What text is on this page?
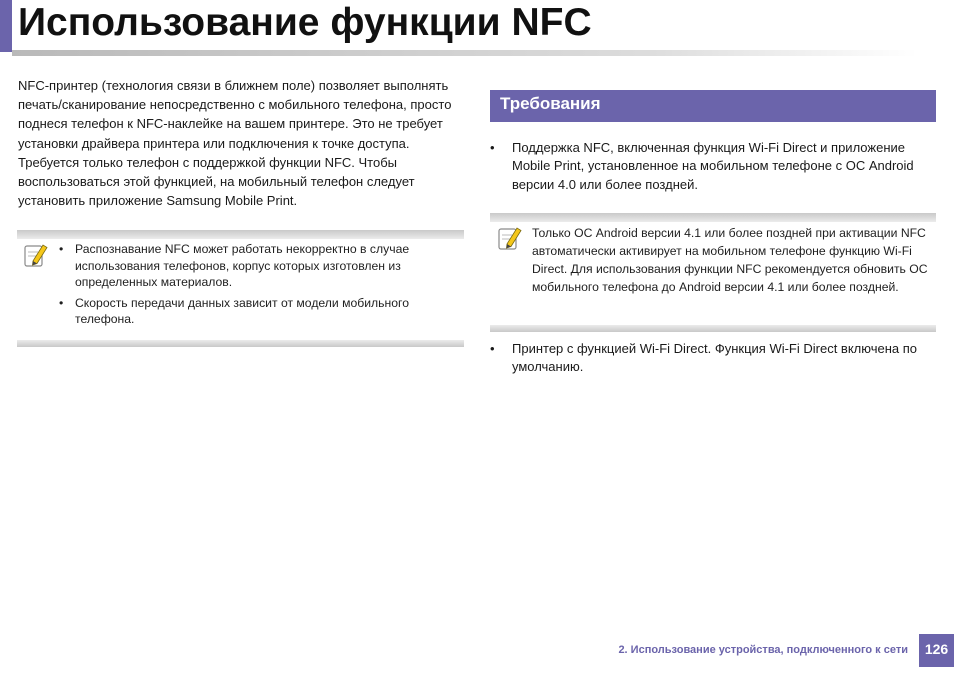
Использование функции NFC

NFC-принтер (технология связи в ближнем поле) позволяет выполнять печать/сканирование непосредственно с мобильного телефона, просто поднеся телефон к NFC-наклейке на вашем принтере. Это не требует установки драйвера принтера или подключения к точке доступа. Требуется только телефон с поддержкой функции NFC. Чтобы воспользоваться этой функцией, на мобильный телефон следует установить приложение Samsung Mobile Print.

• Распознавание NFC может работать некорректно в случае использования телефонов, корпус которых изготовлен из определенных материалов.
• Скорость передачи данных зависит от модели мобильного телефона.
Требования
• Поддержка NFC, включенная функция Wi-Fi Direct и приложение Mobile Print, установленное на мобильном телефоне с ОС Android версии 4.0 или более поздней.

Только ОС Android версии 4.1 или более поздней при активации NFC автоматически активирует на мобильном телефоне функцию Wi-Fi Direct. Для использования функции NFC рекомендуется обновить ОС мобильного телефона до Android версии 4.1 или более поздней.

• Принтер с функцией Wi-Fi Direct. Функция Wi-Fi Direct включена по умолчанию.
2. Использование устройства, подключенного к сети	126
